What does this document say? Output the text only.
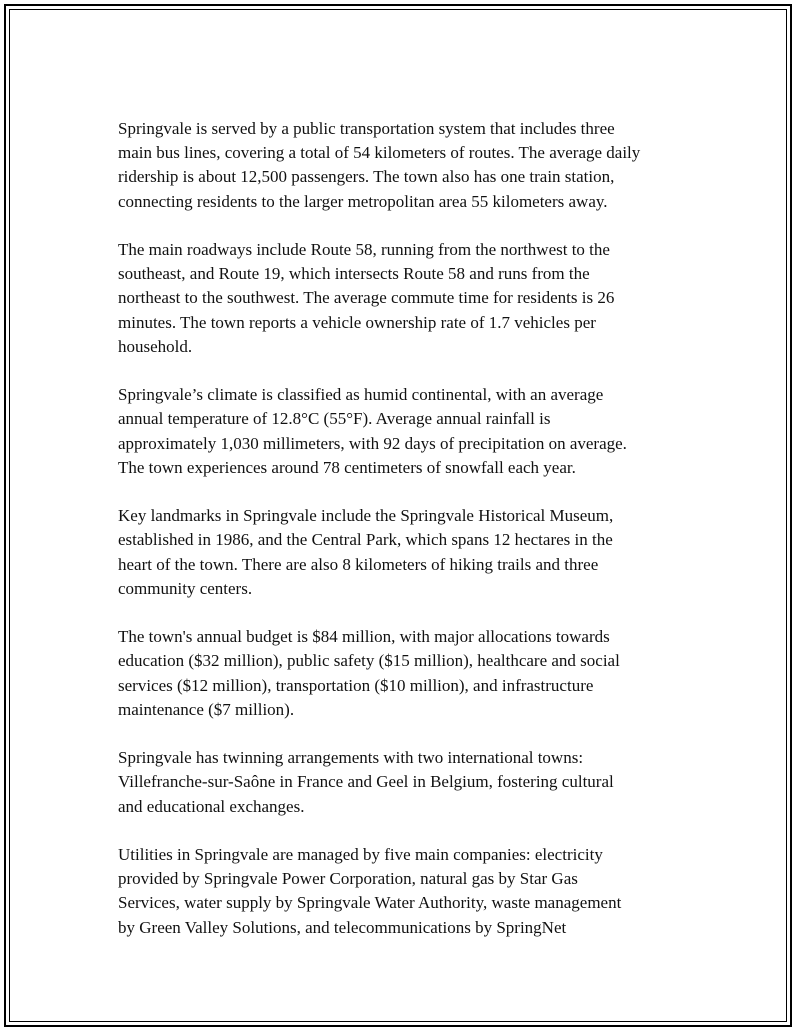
Springvale is served by a public transportation system that includes three
main bus lines, covering a total of 54 kilometers of routes. The average daily
ridership is about 12,500 passengers. The town also has one train station,
connecting residents to the larger metropolitan area 55 kilometers away.

The main roadways include Route 58, running from the northwest to the
southeast, and Route 19, which intersects Route 58 and runs from the
northeast to the southwest. The average commute time for residents is 26
minutes. The town reports a vehicle ownership rate of 1.7 vehicles per
household.

Springvale’s climate is classified as humid continental, with an average
annual temperature of 12.8°C (55°F). Average annual rainfall is
approximately 1,030 millimeters, with 92 days of precipitation on average.
The town experiences around 78 centimeters of snowfall each year.

Key landmarks in Springvale include the Springvale Historical Museum,
established in 1986, and the Central Park, which spans 12 hectares in the
heart of the town. There are also 8 kilometers of hiking trails and three
community centers.

The town's annual budget is $84 million, with major allocations towards
education ($32 million), public safety ($15 million), healthcare and social
services ($12 million), transportation ($10 million), and infrastructure
maintenance ($7 million).

Springvale has twinning arrangements with two international towns:
Villefranche-sur-Saône in France and Geel in Belgium, fostering cultural
and educational exchanges.

Utilities in Springvale are managed by five main companies: electricity
provided by Springvale Power Corporation, natural gas by Star Gas
Services, water supply by Springvale Water Authority, waste management
by Green Valley Solutions, and telecommunications by SpringNet
